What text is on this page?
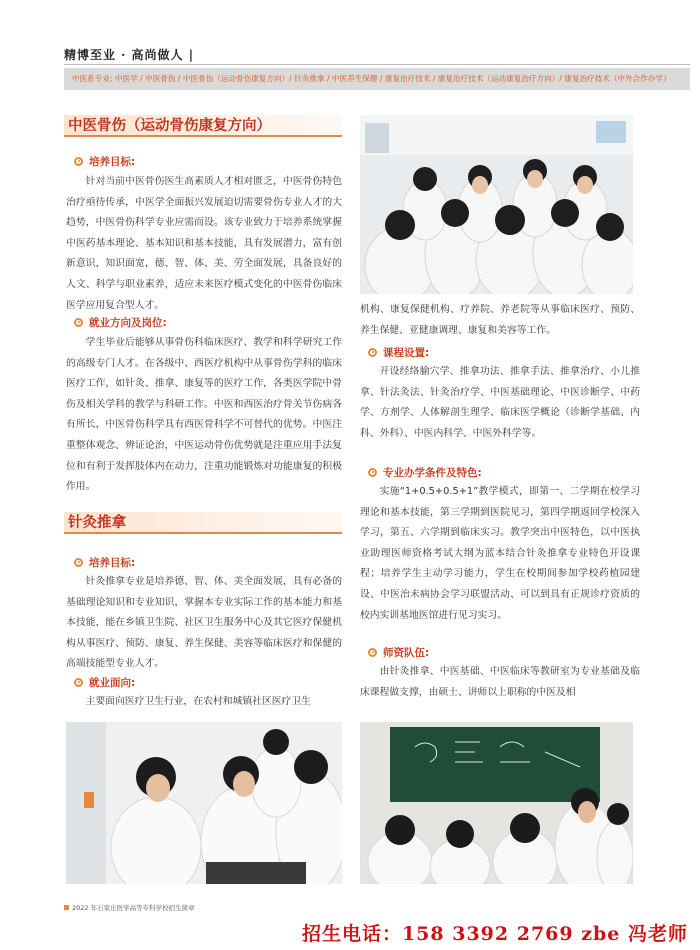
精博至业 · 高尚做人 |
中医系专业: 中医学 / 中医骨伤 / 中医骨伤（运动骨伤康复方向）/ 针灸推拿 / 中医养生保健 / 康复治疗技术 / 康复治疗技术（运动康复治疗方向）/ 康复治疗技术（中外合作办学）
中医骨伤（运动骨伤康复方向）
培养目标:
针对当前中医骨伤医生高素质人才相对匮乏，中医骨伤特色治疗亟待传承，中医学全面振兴发展迫切需要骨伤专业人才的大趋势，中医骨伤科学专业应需而设。该专业致力于培养系统掌握中医药基本理论、基本知识和基本技能，具有发展潜力，富有创新意识，知识面宽，德、智、体、美、劳全面发展，具备良好的人文、科学与职业素养，适应未来医疗模式变化的中医骨伤临床医学应用复合型人才。
就业方向及岗位:
学生毕业后能够从事骨伤科临床医疗、教学和科学研究工作的高级专门人才。在各级中、西医疗机构中从事骨伤学科的临床医疗工作，如针灸、推拿、康复等的医疗工作，各类医学院中骨伤及相关学科的教学与科研工作。中医和西医治疗骨关节伤病各有所长，中医骨伤科学具有西医骨科学不可替代的优势。中医注重整体观念、辨证论治，中医运动骨伤优势就是注重应用手法复位和有利于发挥肢体内在动力，注重功能锻炼对功能康复的积极作用。
针灸推拿
培养目标:
针灸推拿专业是培养德、智、体、美全面发展，具有必备的基础理论知识和专业知识，掌握本专业实际工作的基本能力和基本技能，能在乡镇卫生院、社区卫生服务中心及其它医疗保健机构从事医疗、预防、康复、养生保健、美容等临床医疗和保健的高端技能型专业人才。
就业面向:
主要面向医疗卫生行业，在农村和城镇社区医疗卫生
机构、康复保健机构、疗养院、养老院等从事临床医疗、预防、养生保健、亚健康调理、康复和美容等工作。
课程设置:
开设经络腧穴学、推拿功法、推拿手法、推拿治疗、小儿推拿、针法灸法、针灸治疗学、中医基础理论、中医诊断学、中药学、方剂学、人体解剖生理学、临床医学概论（诊断学基础、内科、外科）、中医内科学、中医外科学等。
专业办学条件及特色:
实施“1+0.5+0.5+1”教学模式，即第一、二学期在校学习理论和基本技能，第三学期到医院见习，第四学期返回学校深入学习，第五、六学期到临床实习。教学突出中医特色，以中医执业助理医师资格考试大纲为蓝本结合针灸推拿专业特色开设课程；培养学生主动学习能力，学生在校期间参加学校药植园建设、中医治未病协会学习联盟活动、可以到具有正规诊疗资质的校内实训基地医馆进行见习实习。
师资队伍:
由针灸推拿、中医基础、中医临床等教研室为专业基础及临床课程做支撑，由硕士、讲师以上职称的中医及相
2022 年石家庄医学高等专科学校招生简章
招生电话：158 3392 2769 zbe 冯老师
